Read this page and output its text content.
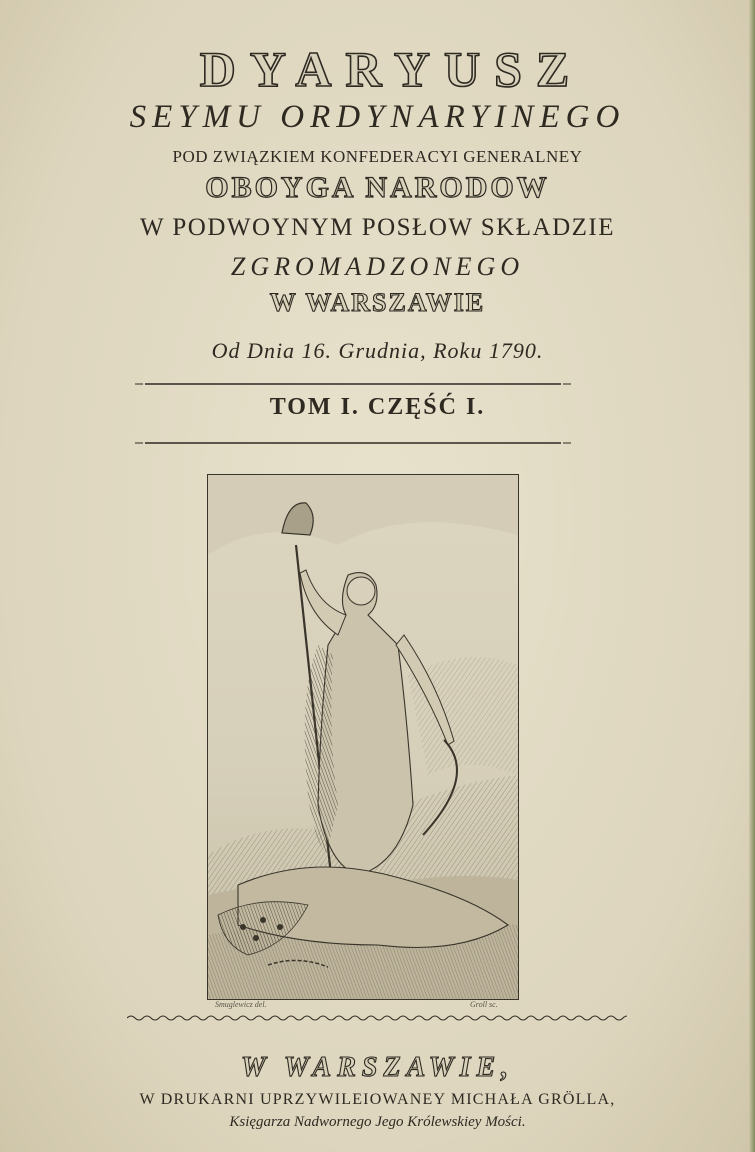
DYARYUSZ
SEYMU ORDYNARYINEGO
POD ZWIĄZKIEM KONFEDERACYI GENERALNEY
OBOYGA NARODOW
W PODWOYNYM POSŁOW SKŁADZIE
ZGROMADZONEGO
W WARSZAWIE
Od Dnia 16. Grudnia, Roku 1790.
TOM I. CZĘŚĆ I.
Smuglewicz del.	Groll sc.
W WARSZAWIE,
W DRUKARNI UPRZYWILEIOWANEY MICHAŁA GRÖLLA,
Księgarza Nadwornego Jego Królewskiey Mości.
